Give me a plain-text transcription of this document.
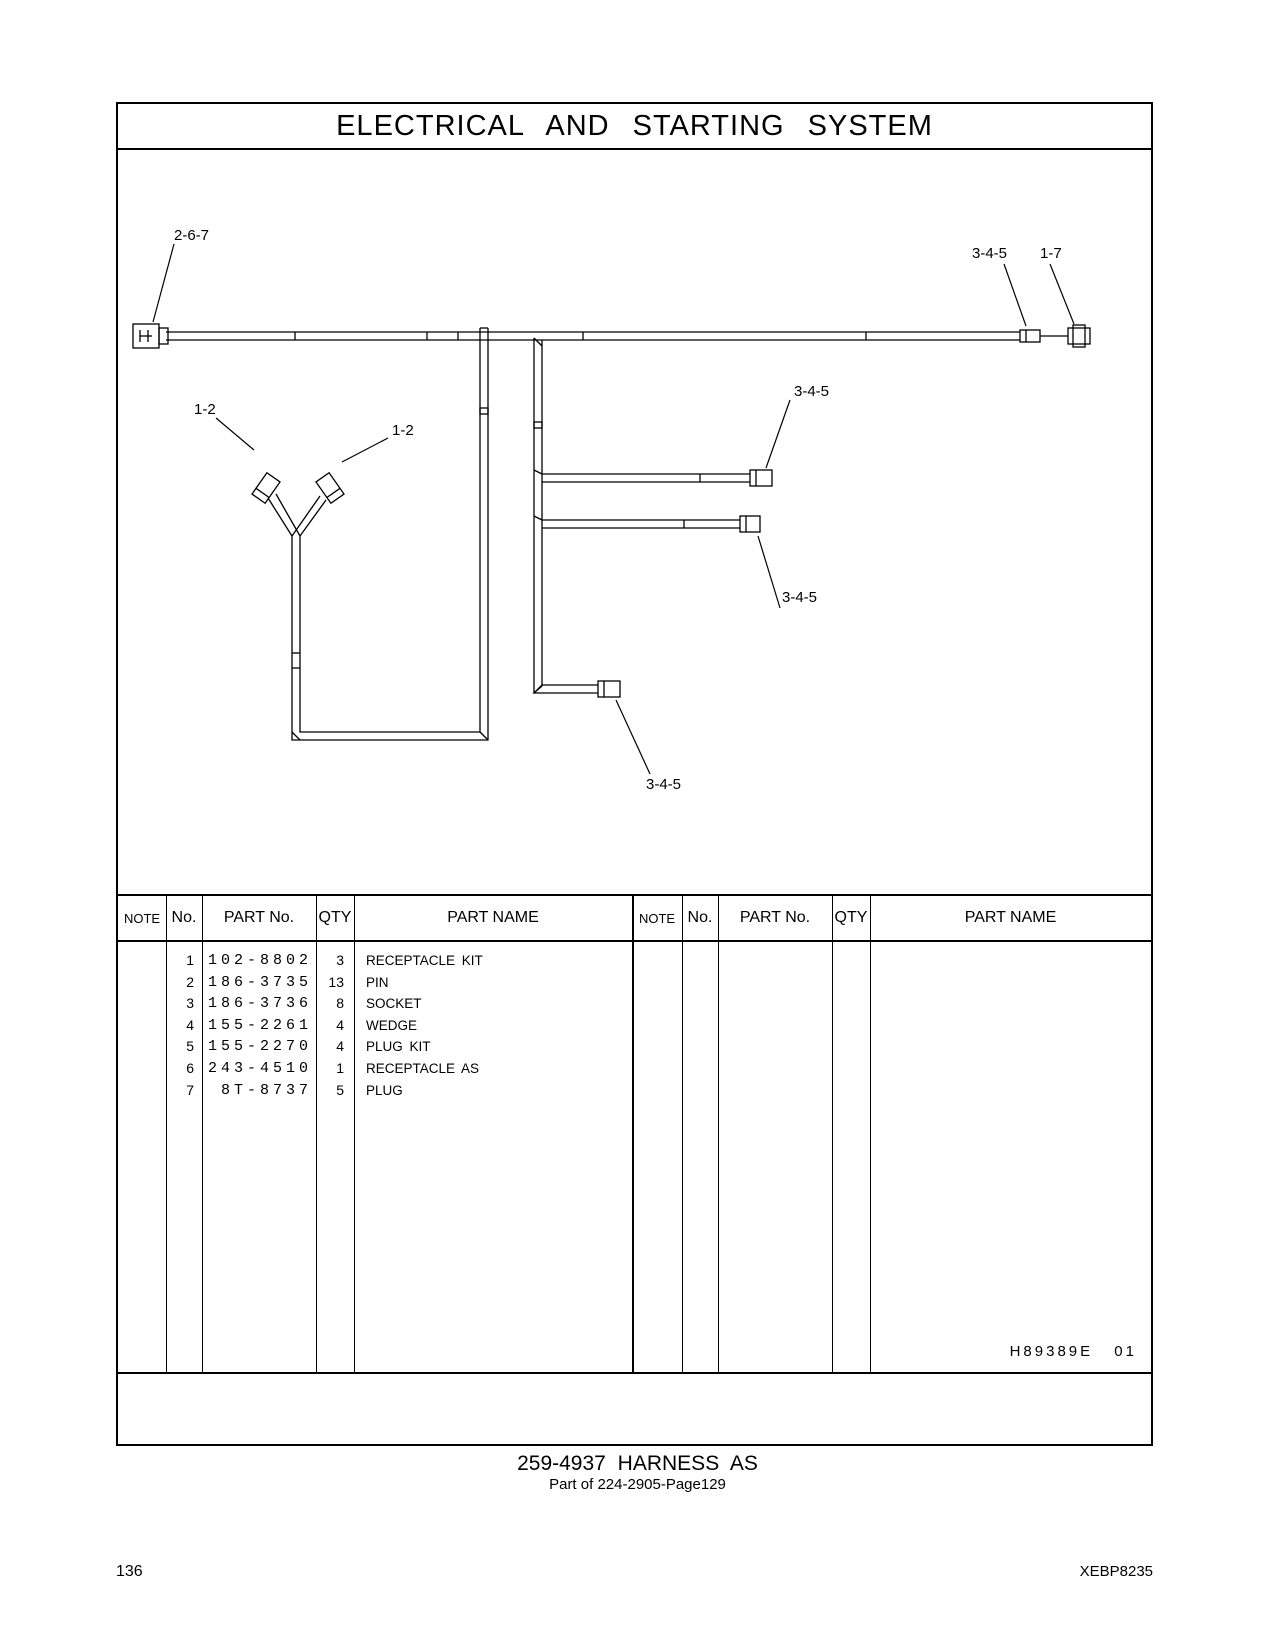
ELECTRICAL AND STARTING SYSTEM
2-6-7
3-4-5 1-7
1-2
1-2
3-4-5
3-4-5
3-4-5
NOTE No.	PART No.	QTY	PART NAME	NOTE No.	PART No.	QTY	PART NAME
1 102-8802	3 RECEPTACLE KIT
2 186-3735	13 PIN
3 186-3736	8 SOCKET
4 155-2261	4 WEDGE
5 155-2270	4 PLUG KIT
6 243-4510	1 RECEPTACLE AS
7	8T-8737	5 PLUG
H89389E 01
259-4937 HARNESS AS
Part of 224-2905-Page129
136	XEBP8235
